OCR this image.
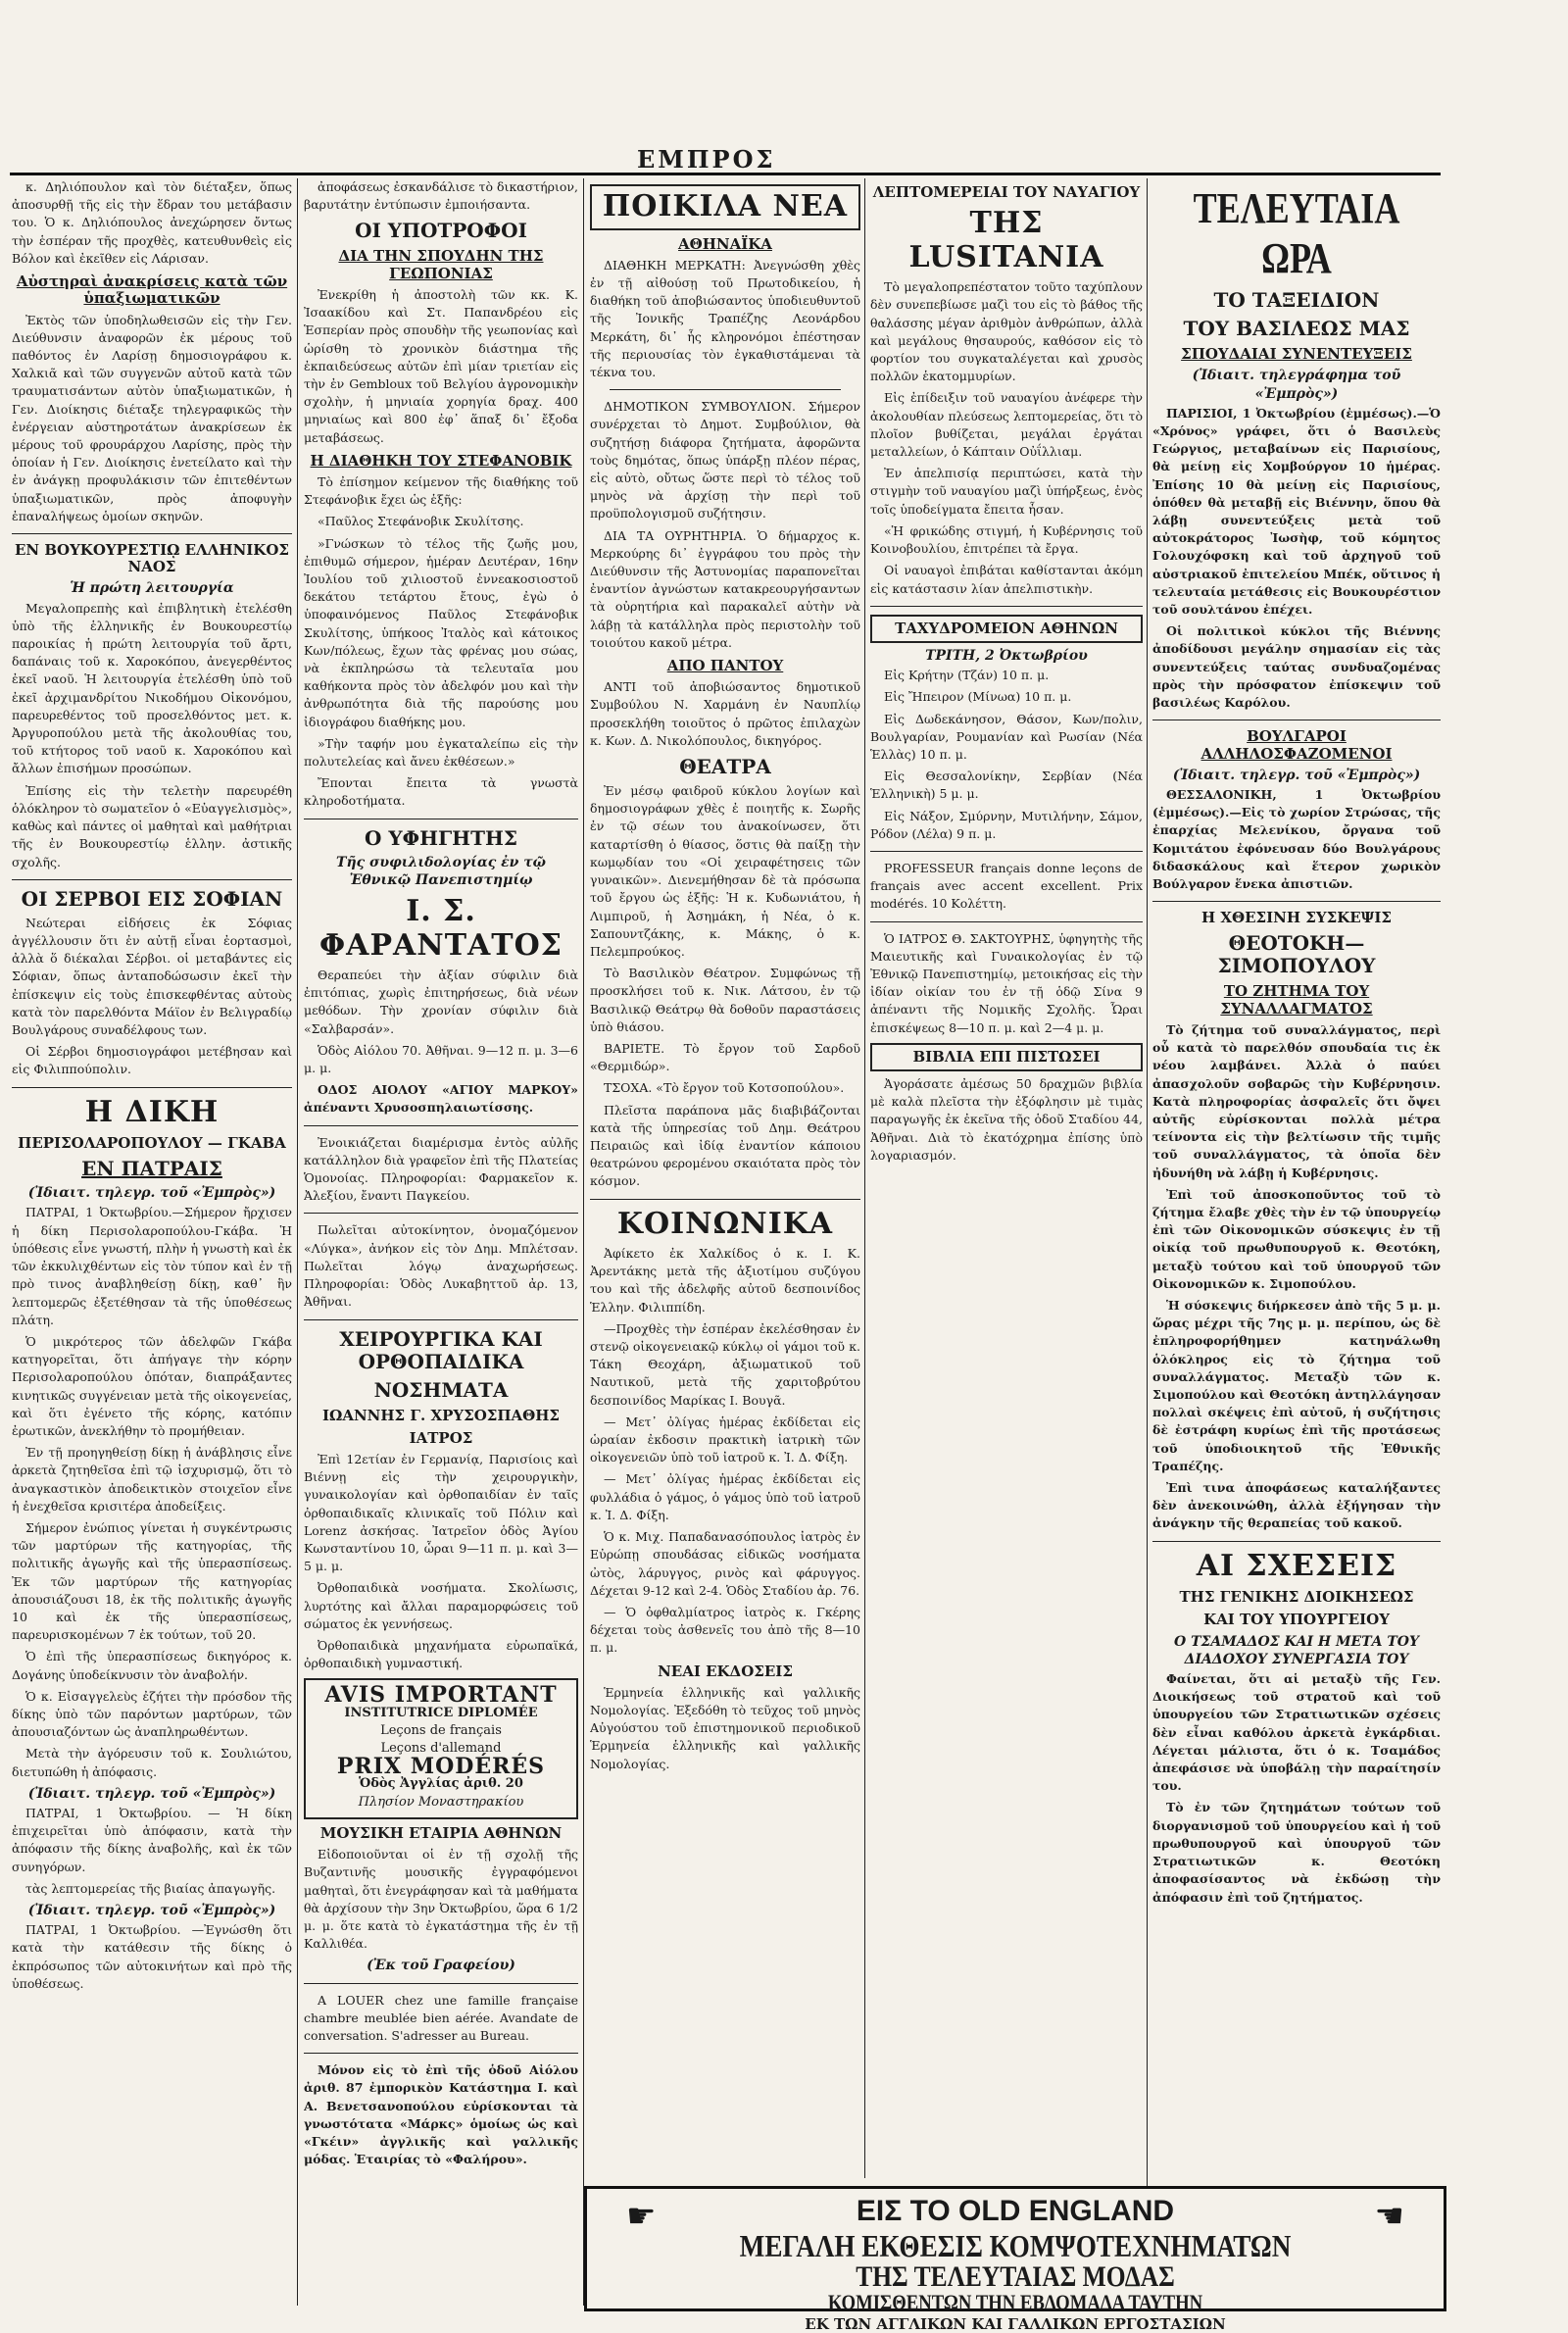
ΕΜΠΡΟΣ

κ. Δηλιόπουλον καὶ τὸν διέταξεν, ὅπως ἀποσυρθῇ τῆς εἰς τὴν ἕδραν του μετάβασιν του. Ὁ κ. Δηλιόπουλος ἀνεχώρησεν ὄντως τὴν ἑσπέραν τῆς προχθὲς, κατευθυνθεὶς εἰς Βόλον καὶ ἐκεῖθεν εἰς Λάρισαν.

Αὐστηραὶ ἀνακρίσεις κατὰ τῶν ὑπαξιωματικῶν

Ἐκτὸς τῶν ὑποδηλωθεισῶν εἰς τὴν Γεν. Διεύθυνσιν ἀναφορῶν ἐκ μέρους τοῦ παθόντος ἐν Λαρίσῃ δημοσιογράφου κ. Χαλκιᾶ καὶ τῶν συγγενῶν αὐτοῦ κατὰ τῶν τραυματισάντων αὐτὸν ὑπαξιωματικῶν, ἡ Γεν. Διοίκησις διέταξε τηλεγραφικῶς τὴν ἐνέργειαν αὐστηροτάτων ἀνακρίσεων ἐκ μέρους τοῦ φρουράρχου Λαρίσης, πρὸς τὴν ὁποίαν ἡ Γεν. Διοίκησις ἐνετείλατο καὶ τὴν ἐν ἀνάγκῃ προφυλάκισιν τῶν ἐπιτεθέντων ὑπαξιωματικῶν, πρὸς ἀποφυγὴν ἐπαναλήψεως ὁμοίων σκηνῶν.

ΕΝ ΒΟΥΚΟΥΡΕΣΤΙῼ ΕΛΛΗΝΙΚΟΣ ΝΑΟΣ
Ἡ πρώτη λειτουργία

Μεγαλοπρεπὴς καὶ ἐπιβλητικὴ ἐτελέσθη ὑπὸ τῆς ἑλληνικῆς ἐν Βουκουρεστίῳ παροικίας ἡ πρώτη λειτουργία τοῦ ἄρτι, δαπάναις τοῦ κ. Χαροκόπου, ἀνεγερθέντος ἐκεῖ ναοῦ. Ἡ λειτουργία ἐτελέσθη ὑπὸ τοῦ ἐκεῖ ἀρχιμανδρίτου Νικοδήμου Οἰκονόμου, παρευρεθέντος τοῦ προσελθόντος μετ. κ. Ἀργυροπούλου μετὰ τῆς ἀκολουθίας του, τοῦ κτήτορος τοῦ ναοῦ κ. Χαροκόπου καὶ ἄλλων ἐπισήμων προσώπων.

Ἐπίσης εἰς τὴν τελετὴν παρευρέθη ὁλόκληρον τὸ σωματεῖον ὁ «Εὐαγγελισμὸς», καθὼς καὶ πάντες οἱ μαθηταὶ καὶ μαθήτριαι τῆς ἐν Βουκουρεστίῳ ἑλλην. ἀστικῆς σχολῆς.

ΟΙ ΣΕΡΒΟΙ ΕΙΣ ΣΟΦΙΑΝ

Νεώτεραι εἰδήσεις ἐκ Σόφιας ἀγγέλλουσιν ὅτι ἐν αὐτῇ εἶναι ἐορτασμοὶ, ἀλλὰ ὅ διέκαλαι Σέρβοι. οἱ μεταβάντες εἰς Σόφιαν, ὅπως ἀνταποδώσωσιν ἐκεῖ τὴν ἐπίσκεψιν εἰς τοὺς ἐπισκεφθέντας αὐτοὺς κατὰ τὸν παρελθόντα Μάϊον ἐν Βελιγραδίῳ Βουλγάρους συναδέλφους των.

Οἱ Σέρβοι δημοσιογράφοι μετέβησαν καὶ εἰς Φιλιππούπολιν.

Η ΔΙΚΗ
ΠΕΡΙΣΟΛΑΡΟΠΟΥΛΟΥ — ΓΚΑΒΑ
ΕΝ ΠΑΤΡΑΙΣ
(Ἰδιαιτ. τηλεγρ. τοῦ «Ἐμπρὸς»)

ΠΑΤΡΑΙ, 1 Ὀκτωβρίου.—Σήμερον ἤρχισεν ἡ δίκη Περισολαροπούλου-Γκάβα. Ἡ ὑπόθεσις εἶνε γνωστή, πλὴν ἡ γνωστὴ καὶ ἐκ τῶν ἐκκυλιχθέντων εἰς τὸν τύπον καὶ ἐν τῇ πρὸ τινος ἀναβληθείσῃ δίκῃ, καθ᾽ ἣν λεπτομερῶς ἐξετέθησαν τὰ τῆς ὑποθέσεως πλάτη.

Ὁ μικρότερος τῶν ἀδελφῶν Γκάβα κατηγορεῖται, ὅτι ἀπήγαγε τὴν κόρην Περισολαροπούλου ὁπόταν, διαπράξαντες κινητικῶς συγγένειαν μετὰ τῆς οἰκογενείας, καὶ ὅτι ἐγένετο τῆς κόρης, κατόπιν ἐρωτικῶν, ἀνεκλήθην τὸ προμήθειαν.

Ἐν τῇ προηγηθείσῃ δίκῃ ἡ ἀνάβλησις εἶνε ἀρκετὰ ζητηθεῖσα ἐπὶ τῷ ἰσχυρισμῷ, ὅτι τὸ ἀναγκαστικὸν ἀποδεικτικὸν στοιχεῖον εἶνε ἡ ἐνεχθεῖσα κρισιτέρα ἀποδείξεις.

Σήμερον ἐνώπιος γίνεται ἡ συγκέντρωσις τῶν μαρτύρων τῆς κατηγορίας, τῆς πολιτικῆς ἀγωγῆς καὶ τῆς ὑπερασπίσεως. Ἐκ τῶν μαρτύρων τῆς κατηγορίας ἀπουσιάζουσι 18, ἐκ τῆς πολιτικῆς ἀγωγῆς 10 καὶ ἐκ τῆς ὑπερασπίσεως, παρευρισκομένων 7 ἐκ τούτων, τοῦ 20.

Ὁ ἐπὶ τῆς ὑπερασπίσεως δικηγόρος κ. Δογάνης ὑποδείκνυσιν τὸν ἀναβολήν.

Ὁ κ. Εἰσαγγελεὺς ἐζήτει τὴν πρόσδον τῆς δίκης ὑπὸ τῶν παρόντων μαρτύρων, τῶν ἀπουσιαζόντων ὡς ἀναπληρωθέντων.

Μετὰ τὴν ἀγόρευσιν τοῦ κ. Σουλιώτου, διετυπώθη ἡ ἀπόφασις.

(Ἰδιαιτ. τηλεγρ. τοῦ «Ἐμπρὸς»)

ΠΑΤΡΑΙ, 1 Ὀκτωβρίου. — Ἡ δίκη ἐπιχειρεῖται ὑπὸ ἀπόφασιν, κατὰ τὴν ἀπόφασιν τῆς δίκης ἀναβολῆς, καὶ ἐκ τῶν συνηγόρων.

τὰς λεπτομερείας τῆς βιαίας ἀπαγωγῆς.

(Ἰδιαιτ. τηλεγρ. τοῦ «Ἐμπρὸς»)

ΠΑΤΡΑΙ, 1 Ὀκτωβρίου. —Ἐγνώσθη ὅτι κατὰ τὴν κατάθεσιν τῆς δίκης ὁ ἐκπρόσωπος τῶν αὐτοκινήτων καὶ πρὸ τῆς ὑποθέσεως.

ἀποφάσεως ἐσκανδάλισε τὸ δικαστήριον, βαρυτάτην ἐντύπωσιν ἐμποιήσαντα.

ΟΙ ΥΠΟΤΡΟΦΟΙ
ΔΙΑ ΤΗΝ ΣΠΟΥΔΗΝ ΤΗΣ ΓΕΩΠΟΝΙΑΣ

Ἐνεκρίθη ἡ ἀποστολὴ τῶν κκ. Κ. Ἰσαακίδου καὶ Στ. Παπανδρέου εἰς Ἑσπερίαν πρὸς σπουδὴν τῆς γεωπονίας καὶ ὡρίσθη τὸ χρονικὸν διάστημα τῆς ἐκπαιδεύσεως αὐτῶν ἐπὶ μίαν τριετίαν εἰς τὴν ἐν Gembloux τοῦ Βελγίου ἀγρονομικὴν σχολὴν, ἡ μηνιαία χορηγία δραχ. 400 μηνιαίως καὶ 800 ἐφ᾽ ἅπαξ δι᾽ ἔξοδα μεταβάσεως.

Η ΔΙΑΘΗΚΗ ΤΟΥ ΣΤΕΦΑΝΟΒΙΚ

Τὸ ἐπίσημον κείμενον τῆς διαθήκης τοῦ Στεφάνοβικ ἔχει ὡς ἑξῆς:

«Παῦλος Στεφάνοβικ Σκυλίτσης.

»Γνώσκων τὸ τέλος τῆς ζωῆς μου, ἐπιθυμῶ σήμερον, ἡμέραν Δευτέραν, 16ην Ἰουλίου τοῦ χιλιοστοῦ ἐννεακοσιοστοῦ δεκάτου τετάρτου ἔτους, ἐγὼ ὁ ὑποφαινόμενος Παῦλος Στεφάνοβικ Σκυλίτσης, ὑπήκοος Ἰταλὸς καὶ κάτοικος Κων/πόλεως, ἔχων τὰς φρένας μου σώας, νὰ ἐκπληρώσω τὰ τελευταῖα μου καθήκοντα πρὸς τὸν ἀδελφόν μου καὶ τὴν ἀνθρωπότητα διὰ τῆς παρούσης μου ἰδιογράφου διαθήκης μου.

»Τὴν ταφήν μου ἐγκαταλείπω εἰς τὴν πολυτελείας καὶ ἄνευ ἐκθέσεων.»

Ἔπονται ἔπειτα τὰ γνωστὰ κληροδοτήματα.

Ο ΥΦΗΓΗΤΗΣ
Τῆς συφιλιδολογίας ἐν τῷ Ἐθνικῷ Πανεπιστημίῳ
Ι. Σ. ΦΑΡΑΝΤΑΤΟΣ

Θεραπεύει τὴν ἀξίαν σύφιλιν διὰ ἐπιτόπιας, χωρὶς ἐπιτηρήσεως, διὰ νέων μεθόδων. Τὴν χρονίαν σύφιλιν διὰ «Σαλβαρσάν».

Ὁδὸς Αἰόλου 70. Ἀθῆναι. 9—12 π. μ. 3—6 μ. μ.

ΟΔΟΣ ΑΙΟΛΟΥ «ΑΓΙΟΥ ΜΑΡΚΟΥ» ἀπέναντι Χρυσοσπηλαιωτίσσης.

Ἐνοικιάζεται διαμέρισμα ἐντὸς αὐλῆς κατάλληλον διὰ γραφεῖον ἐπὶ τῆς Πλατείας Ὁμονοίας. Πληροφορίαι: Φαρμακεῖον κ. Ἀλεξίου, ἔναντι Παγκείου.

Πωλεῖται αὐτοκίνητον, ὀνομαζόμενον «Λύγκα», ἀνήκον εἰς τὸν Δημ. Μπλέτσαν. Πωλεῖται λόγῳ ἀναχωρήσεως. Πληροφορίαι: Ὁδὸς Λυκαβηττοῦ ἀρ. 13, Ἀθῆναι.

ΧΕΙΡΟΥΡΓΙΚΑ ΚΑΙ ΟΡΘΟΠΑΙΔΙΚΑ
ΝΟΣΗΜΑΤΑ
ΙΩΑΝΝΗΣ Γ. ΧΡΥΣΟΣΠΑΘΗΣ
ΙΑΤΡΟΣ

Ἐπὶ 12ετίαν ἐν Γερμανίᾳ, Παρισίοις καὶ Βιέννῃ εἰς τὴν χειρουργικὴν, γυναικολογίαν καὶ ὀρθοπαιδίαν ἐν ταῖς ὀρθοπαιδικαῖς κλινικαῖς τοῦ Πόλιν καὶ Lorenz ἀσκήσας. Ἰατρεῖον ὁδὸς Ἁγίου Κωνσταντίνου 10, ὧραι 9—11 π. μ. καὶ 3—5 μ. μ.

Ὀρθοπαιδικὰ νοσήματα. Σκολίωσις, λυρτότης καὶ ἄλλαι παραμορφώσεις τοῦ σώματος ἐκ γεννήσεως.

Ὀρθοπαιδικὰ μηχανήματα εὐρωπαϊκά, ὀρθοπαιδικὴ γυμναστική.

AVIS IMPORTANT
INSTITUTRICE DIPLOMÉE
Leçons de français
Leçons d'allemand
PRIX MODÉRÉS
Ὁδὸς Ἀγγλίας ἀριθ. 20
Πλησίον Μοναστηρακίου
ΜΟΥΣΙΚΗ ΕΤΑΙΡΙΑ ΑΘΗΝΩΝ

Εἰδοποιοῦνται οἱ ἐν τῇ σχολῇ τῆς Βυζαντινῆς μουσικῆς ἐγγραφόμενοι μαθηταὶ, ὅτι ἐνεγράφησαν καὶ τὰ μαθήματα θὰ ἀρχίσουν τὴν 3ην Ὀκτωβρίου, ὥρα 6 1/2 μ. μ. ὅτε κατὰ τὸ ἐγκατάστημα τῆς ἐν τῇ Καλλιθέα.

(Ἐκ τοῦ Γραφείου)

A LOUER chez une famille française chambre meublée bien aérée. Avandate de conversation. S'adresser au Bureau.

Μόνον εἰς τὸ ἐπὶ τῆς ὁδοῦ Αἰόλου ἀριθ. 87 ἐμπορικὸν Κατάστημα Ι. καὶ Α. Βενετσανοπούλου εὑρίσκονται τὰ γνωστότατα «Μάρκς» ὁμοίως ὡς καὶ «Γκέιν» ἀγγλικῆς καὶ γαλλικῆς μόδας. Ἑταιρίας τὸ «Φαλήρου».

ΠΟΙΚΙΛΑ ΝΕΑ
ΑΘΗΝΑΪΚΑ

ΔΙΑΘΗΚΗ ΜΕΡΚΑΤΗ: Ἀνεγνώσθη χθὲς ἐν τῇ αἰθούσῃ τοῦ Πρωτοδικείου, ἡ διαθήκη τοῦ ἀποβιώσαντος ὑποδιευθυντοῦ τῆς Ἰονικῆς Τραπέζης Λεονάρδου Μερκάτη, δι᾽ ἧς κληρονόμοι ἐπέστησαν τῆς περιουσίας τὸν ἐγκαθιστάμεναι τὰ τέκνα του.

ΔΗΜΟΤΙΚΟΝ ΣΥΜΒΟΥΛΙΟΝ. Σήμερον συνέρχεται τὸ Δημοτ. Συμβούλιον, θὰ συζητήσῃ διάφορα ζητήματα, ἀφορῶντα τοὺς δημότας, ὅπως ὑπάρξῃ πλέον πέρας, εἰς αὐτὸ, οὔτως ὥστε περὶ τὸ τέλος τοῦ μηνὸς νὰ ἀρχίσῃ τὴν περὶ τοῦ προϋπολογισμοῦ συζήτησιν.

ΔΙΑ ΤΑ ΟΥΡΗΤΗΡΙΑ. Ὁ δήμαρχος κ. Μερκούρης δι᾽ ἐγγράφου του πρὸς τὴν Διεύθυνσιν τῆς Ἀστυνομίας παραπονεῖται ἐναντίον ἀγνώστων κατακρεουργήσαντων τὰ οὐρητήρια καὶ παρακαλεῖ αὐτὴν νὰ λάβῃ τὰ κατάλληλα πρὸς περιστολὴν τοῦ τοιούτου κακοῦ μέτρα.

ΑΠΟ ΠΑΝΤΟΥ

ΑΝΤΙ τοῦ ἀποβιώσαντος δημοτικοῦ Συμβούλου Ν. Χαρμάνη ἐν Ναυπλίῳ προσεκλήθη τοιοῦτος ὁ πρῶτος ἐπιλαχὼν κ. Κων. Δ. Νικολόπουλος, δικηγόρος.

ΘΕΑΤΡΑ

Ἐν μέσῳ φαιδροῦ κύκλου λογίων καὶ δημοσιογράφων χθὲς ἐ ποιητῆς κ. Σωρῆς ἐν τῷ σέων του ἀνακοίνωσεν, ὅτι καταρτίσθη ὁ θίασος, ὅστις θὰ παίξῃ τὴν κωμῳδίαν του «Οἱ χειραφέτησεις τῶν γυναικῶν». Διενεμήθησαν δὲ τὰ πρόσωπα τοῦ ἔργου ὡς ἑξῆς: Ἡ κ. Κυδωνιάτου, ἡ Λιμπιροῦ, ἡ Ἀσημάκη, ἡ Νέα, ὁ κ. Σαπουντζάκης, κ. Μάκης, ὁ κ. Πελεμπρούκος.

Τὸ Βασιλικὸν Θέατρον. Συμφώνως τῇ προσκλήσει τοῦ κ. Νικ. Λάτσου, ἐν τῷ Βασιλικῷ Θεάτρῳ θὰ δοθοῦν παραστάσεις ὑπὸ θιάσου.

ΒΑΡΙΕΤΕ. Τὸ ἔργον τοῦ Σαρδοῦ «Θερμιδώρ».

ΤΣΟΧΑ. «Τὸ ἔργον τοῦ Κοτσοπούλου».

Πλεῖστα παράπονα μᾶς διαβιβάζονται κατὰ τῆς ὑπηρεσίας τοῦ Δημ. Θεάτρου Πειραιῶς καὶ ἰδίᾳ ἐναντίον κάποιου θεατρώνου φερομένου σκαιότατα πρὸς τὸν κόσμον.

ΚΟΙΝΩΝΙΚΑ

Ἀφίκετο ἐκ Χαλκίδος ὁ κ. Ι. Κ. Ἀρεντάκης μετὰ τῆς ἀξιοτίμου συζύγου του καὶ τῆς ἀδελφῆς αὐτοῦ δεσποινίδος Ἑλλην. Φιλιππίδη.

—Προχθὲς τὴν ἑσπέραν ἐκελέσθησαν ἐν στενῷ οἰκογενειακῷ κύκλῳ οἱ γάμοι τοῦ κ. Τάκη Θεοχάρη, ἀξιωματικοῦ τοῦ Ναυτικοῦ, μετὰ τῆς χαριτοβρύτου δεσποινίδος Μαρίκας Ι. Βουγᾶ.

— Μετ᾽ ὀλίγας ἡμέρας ἐκδίδεται εἰς ὡραίαν ἐκδοσιν πρακτικὴ ἰατρικὴ τῶν οἰκογενειῶν ὑπὸ τοῦ ἰατροῦ κ. Ἰ. Δ. Φίξη.

— Μετ᾽ ὀλίγας ἡμέρας ἐκδίδεται εἰς φυλλάδια ὁ γάμος, ὁ γάμος ὑπὸ τοῦ ἰατροῦ κ. Ἰ. Δ. Φίξη.

Ὁ κ. Μιχ. Παπαδανασόπουλος ἰατρὸς ἐν Εὐρώπῃ σπουδάσας εἰδικῶς νοσήματα ὠτὸς, λάρυγγος, ρινὸς καὶ φάρυγγος. Δέχεται 9-12 καὶ 2-4. Ὁδὸς Σταδίου ἀρ. 76.

— Ὁ ὀφθαλμίατρος ἰατρὸς κ. Γκέρης δέχεται τοὺς ἀσθενεῖς του ἀπὸ τῆς 8—10 π. μ.

ΝΕΑΙ ΕΚΔΟΣΕΙΣ

Ἑρμηνεία ἑλληνικῆς καὶ γαλλικῆς Νομολογίας. Ἐξεδόθη τὸ τεῦχος τοῦ μηνὸς Αὐγούστου τοῦ ἐπιστημονικοῦ περιοδικοῦ Ἑρμηνεία ἑλληνικῆς καὶ γαλλικῆς Νομολογίας.

ΛΕΠΤΟΜΕΡΕΙΑΙ ΤΟΥ ΝΑΥΑΓΙΟΥ
ΤΗΣ LUSITANIA

Τὸ μεγαλοπρεπέστατον τοῦτο ταχύπλουν δὲν συνεπεβίωσε μαζὶ του εἰς τὸ βάθος τῆς θαλάσσης μέγαν ἀριθμὸν ἀνθρώπων, ἀλλὰ καὶ μεγάλους θησαυρούς, καθόσον εἰς τὸ φορτίον του συγκαταλέγεται καὶ χρυσὸς πολλῶν ἑκατομμυρίων.

Εἰς ἐπίδειξιν τοῦ ναυαγίου ἀνέφερε τὴν ἀκολουθίαν πλεύσεως λεπτομερείας, ὅτι τὸ πλοῖον βυθίζεται, μεγάλαι ἐργάται μεταλλείων, ὁ Κάπταιν Οὐΐλλιαμ.

Ἐν ἀπελπισίᾳ περιπτώσει, κατὰ τὴν στιγμὴν τοῦ ναυαγίου μαζὶ ὑπήρξεως, ἐνὸς τοῖς ὑποδείγματα ἔπειτα ἦσαν.

«Ἡ φρικώδης στιγμή, ἡ Κυβέρνησις τοῦ Κοινοβουλίου, ἐπιτρέπει τὰ ἔργα.

Οἱ ναυαγοὶ ἐπιβάται καθίστανται ἀκόμη εἰς κατάστασιν λίαν ἀπελπιστικὴν.

ΤΑΧΥΔΡΟΜΕΙΟΝ ΑΘΗΝΩΝ
ΤΡΙΤΗ, 2 Ὀκτωβρίου

Εἰς Κρήτην (Τζάν) 10 π. μ.

Εἰς Ἤπειρον (Μίνωα) 10 π. μ.

Εἰς Δωδεκάνησον, Θάσον, Κων/πολιν, Βουλγαρίαν, Ρουμανίαν καὶ Ρωσίαν (Νέα Ἑλλὰς) 10 π. μ.

Εἰς Θεσσαλονίκην, Σερβίαν (Νέα Ἑλληνικὴ) 5 μ. μ.

Εἰς Νάξον, Σμύρνην, Μυτιλήνην, Σάμον, Ρόδον (Λέλα) 9 π. μ.

PROFESSEUR français donne leçons de français avec accent excellent. Prix modérés. 10 Κολέττη.

Ὁ ΙΑΤΡΟΣ Θ. ΣΑΚΤΟΥΡΗΣ, ὑφηγητὴς τῆς Μαιευτικῆς καὶ Γυναικολογίας ἐν τῷ Ἐθνικῷ Πανεπιστημίῳ, μετοικήσας εἰς τὴν ἰδίαν οἰκίαν του ἐν τῇ ὁδῷ Σίνα 9 ἀπέναντι τῆς Νομικῆς Σχολῆς. Ὧραι ἐπισκέψεως 8—10 π. μ. καὶ 2—4 μ. μ.

ΒΙΒΛΙΑ ΕΠΙ ΠΙΣΤΩΣΕΙ

Ἀγοράσατε ἀμέσως 50 δραχμῶν βιβλία μὲ καλὰ πλεῖστα τὴν ἐξόφλησιν μὲ τιμὰς παραγωγῆς ἐκ ἐκεῖνα τῆς ὁδοῦ Σταδίου 44, Ἀθῆναι. Διὰ τὸ ἐκατόχρημα ἐπίσης ὑπὸ λογαριασμόν.

ΤΕΛΕΥΤΑΙΑ ΩΡΑ
ΤΟ ΤΑΞΕΙΔΙΟΝ
ΤΟΥ ΒΑΣΙΛΕΩΣ ΜΑΣ
ΣΠΟΥΔΑΙΑΙ ΣΥΝΕΝΤΕΥΞΕΙΣ
(Ἰδιαιτ. τηλεγράφημα τοῦ «Ἐμπρὸς»)

ΠΑΡΙΣΙΟΙ, 1 Ὀκτωβρίου (ἐμμέσως).—Ὁ «Χρόνος» γράφει, ὅτι ὁ Βασιλεὺς Γεώργιος, μεταβαίνων εἰς Παρισίους, θὰ μείνῃ εἰς Χομβούργον 10 ἡμέρας. Ἐπίσης 10 θὰ μείνῃ εἰς Παρισίους, ὁπόθεν θὰ μεταβῇ εἰς Βιέννην, ὅπου θὰ λάβῃ συνεντεύξεις μετὰ τοῦ αὐτοκράτορος Ἰωσὴφ, τοῦ κόμητος Γολουχόφσκη καὶ τοῦ ἀρχηγοῦ τοῦ αὐστριακοῦ ἐπιτελείου Μπέκ, οὕτινος ἡ τελευταία μετάθεσις εἰς Βουκουρέστιον τοῦ σουλτάνου ἐπέχει.

Οἱ πολιτικοὶ κύκλοι τῆς Βιέννης ἀποδίδουσι μεγάλην σημασίαν εἰς τὰς συνεντεύξεις ταύτας συνδυαζομένας πρὸς τὴν πρόσφατον ἐπίσκεψιν τοῦ βασιλέως Καρόλου.

ΒΟΥΛΓΑΡΟΙ ΑΛΛΗΛΟΣΦΑΖΟΜΕΝΟΙ
(Ἰδιαιτ. τηλεγρ. τοῦ «Ἐμπρὸς»)

ΘΕΣΣΑΛΟΝΙΚΗ, 1 Ὀκτωβρίου (ἐμμέσως).—Εἰς τὸ χωρίον Στρώσας, τῆς ἐπαρχίας Μελενίκου, ὄργανα τοῦ Κομιτάτου ἐφόνευσαν δύο Βουλγάρους διδασκάλους καὶ ἕτερον χωρικὸν Βούλγαρον ἕνεκα ἀπιστιῶν.

Η ΧΘΕΣΙΝΗ ΣΥΣΚΕΨΙΣ
ΘΕΟΤΟΚΗ—ΣΙΜΟΠΟΥΛΟΥ
ΤΟ ΖΗΤΗΜΑ ΤΟΥ ΣΥΝΑΛΛΑΓΜΑΤΟΣ

Τὸ ζήτημα τοῦ συναλλάγματος, περὶ οὗ κατὰ τὸ παρελθόν σπουδαία τις ἐκ νέου λαμβάνει. Ἀλλὰ ὁ παύει ἀπασχολοῦν σοβαρῶς τὴν Κυβέρνησιν. Κατὰ πληροφορίας ἀσφαλεῖς ὅτι ὄψει αὐτῆς εὑρίσκονται πολλὰ μέτρα τείνοντα εἰς τὴν βελτίωσιν τῆς τιμῆς τοῦ συναλλάγματος, τὰ ὁποῖα δὲν ἠδυνήθη νὰ λάβῃ ἡ Κυβέρνησις.

Ἐπὶ τοῦ ἀποσκοποῦντος τοῦ τὸ ζήτημα ἔλαβε χθὲς τὴν ἐν τῷ ὑπουργείῳ ἐπὶ τῶν Οἰκονομικῶν σύσκεψις ἐν τῇ οἰκίᾳ τοῦ πρωθυπουργοῦ κ. Θεοτόκη, μεταξὺ τούτου καὶ τοῦ ὑπουργοῦ τῶν Οἰκονομικῶν κ. Σιμοπούλου.

Ἡ σύσκεψις διήρκεσεν ἀπὸ τῆς 5 μ. μ. ὥρας μέχρι τῆς 7ης μ. μ. περίπου, ὡς δὲ ἐπληροφορήθημεν κατηνάλωθη ὁλόκληρος εἰς τὸ ζήτημα τοῦ συναλλάγματος. Μεταξὺ τῶν κ. Σιμοπούλου καὶ Θεοτόκη ἀντηλλάγησαν πολλαὶ σκέψεις ἐπὶ αὐτοῦ, ἡ συζήτησις δὲ ἐστράφη κυρίως ἐπὶ τῆς προτάσεως τοῦ ὑποδιοικητοῦ τῆς Ἐθνικῆς Τραπέζης.

Ἐπὶ τινα ἀποφάσεως καταλήξαντες δὲν ἀνεκοινώθη, ἀλλὰ ἐξήγησαν τὴν ἀνάγκην τῆς θεραπείας τοῦ κακοῦ.

ΑΙ ΣΧΕΣΕΙΣ
ΤΗΣ ΓΕΝΙΚΗΣ ΔΙΟΙΚΗΣΕΩΣ
ΚΑΙ ΤΟΥ ΥΠΟΥΡΓΕΙΟΥ
Ο ΤΣΑΜΑΔΟΣ ΚΑΙ Η ΜΕΤΑ ΤΟΥ ΔΙΑΔΟΧΟΥ ΣΥΝΕΡΓΑΣΙΑ ΤΟΥ

Φαίνεται, ὅτι αἱ μεταξὺ τῆς Γεν. Διοικήσεως τοῦ στρατοῦ καὶ τοῦ ὑπουργείου τῶν Στρατιωτικῶν σχέσεις δὲν εἶναι καθόλου ἀρκετὰ ἐγκάρδιαι. Λέγεται μάλιστα, ὅτι ὁ κ. Τσαμάδος ἀπεφάσισε νὰ ὑποβάλῃ τὴν παραίτησίν του.

Τὸ ἐν τῶν ζητημάτων τούτων τοῦ διοργανισμοῦ τοῦ ὑπουργείου καὶ ἡ τοῦ πρωθυπουργοῦ καὶ ὑπουργοῦ τῶν Στρατιωτικῶν κ. Θεοτόκη ἀποφασίσαντος νὰ ἐκδώσῃ τὴν ἀπόφασιν ἐπὶ τοῦ ζητήματος.

☛	☚
ΕΙΣ ΤΟ OLD ENGLAND
ΜΕΓΑΛΗ ΕΚΘΕΣΙΣ ΚΟΜΨΟΤΕΧΝΗΜΑΤΩΝ
ΤΗΣ ΤΕΛΕΥΤΑΙΑΣ ΜΟΔΑΣ
ΚΟΜΙΣΘΕΝΤΩΝ ΤΗΝ ΕΒΔΟΜΑΔΑ ΤΑΥΤΗΝ
ΕΚ ΤΩΝ ΑΓΓΛΙΚΩΝ ΚΑΙ ΓΑΛΛΙΚΩΝ ΕΡΓΟΣΤΑΣΙΩΝ
